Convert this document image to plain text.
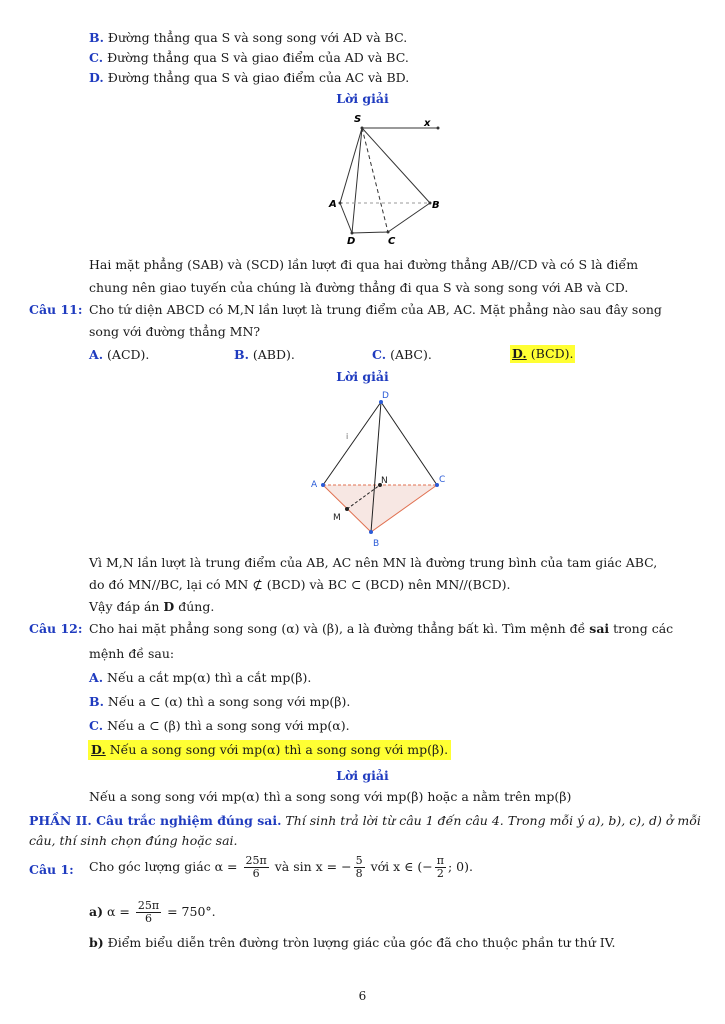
B. Đường thẳng qua S và song song với AD và BC.
C. Đường thẳng qua S và giao điểm của AD và BC.
D. Đường thẳng qua S và giao điểm của AC và BD.
Lời giải
S	x
A	B
D	C
Hai mặt phẳng (SAB) và (SCD) lần lượt đi qua hai đường thẳng AB//CD và có S là điểm
chung nên giao tuyến của chúng là đường thẳng đi qua S và song song với AB và CD.
Câu 11: Cho tứ diện ABCD có M,N lần lượt là trung điểm của AB, AC. Mặt phẳng nào sau đây song
song với đường thẳng MN?
A. (ACD).	B. (ABD).	C. (ABC).	D. (BCD).
Lời giải
D
A	C
N
M
B
i
Vì M,N lần lượt là trung điểm của AB, AC nên MN là đường trung bình của tam giác ABC,
do đó MN//BC, lại có MN ⊄ (BCD) và BC ⊂ (BCD) nên MN//(BCD).
Vậy đáp án D đúng.
Câu 12: Cho hai mặt phẳng song song (α) và (β), a là đường thẳng bất kì. Tìm mệnh đề sai trong các
mệnh đề sau:
A. Nếu a cắt mp(α) thì a cắt mp(β).
B. Nếu a ⊂ (α) thì a song song với mp(β).
C. Nếu a ⊂ (β) thì a song song với mp(α).
D. Nếu a song song với mp(α) thì a song song với mp(β).
Lời giải
Nếu a song song với mp(α) thì a song song với mp(β) hoặc a nằm trên mp(β)
PHẦN II. Câu trắc nghiệm đúng sai. Thí sinh trả lời từ câu 1 đến câu 4. Trong mỗi ý a), b), c), d) ở mỗi
câu, thí sinh chọn đúng hoặc sai.
Câu 1: Cho góc lượng giác $\alpha = \frac{25\pi}{6}$ và sin x = − $\frac{5}{8}$ với x ∈ (− $\frac{\pi}{2}$ ; 0).
a) $\alpha = \frac{25\pi}{6} = 750^\circ$.
b) Điểm biểu diễn trên đường tròn lượng giác của góc đã cho thuộc phần tư thứ IV.
6
